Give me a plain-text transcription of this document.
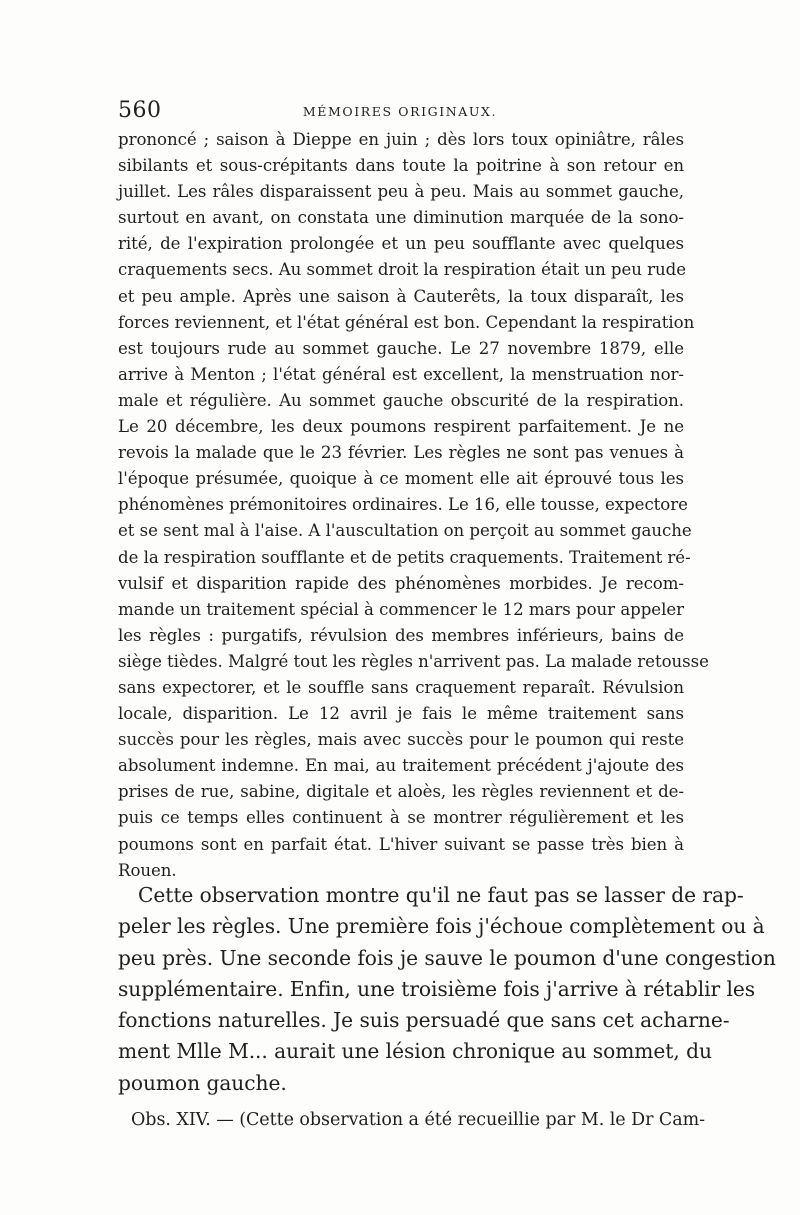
560	MÉMOIRES ORIGINAUX.
prononcé ; saison à Dieppe en juin ; dès lors toux opiniâtre, râles
sibilants et sous-crépitants dans toute la poitrine à son retour en
juillet. Les râles disparaissent peu à peu. Mais au sommet gauche,
surtout en avant, on constata une diminution marquée de la sono-
rité, de l'expiration prolongée et un peu soufflante avec quelques
craquements secs. Au sommet droit la respiration était un peu rude
et peu ample. Après une saison à Cauterêts, la toux disparaît, les
forces reviennent, et l'état général est bon. Cependant la respiration
est toujours rude au sommet gauche. Le 27 novembre 1879, elle
arrive à Menton ; l'état général est excellent, la menstruation nor-
male et régulière. Au sommet gauche obscurité de la respiration.
Le 20 décembre, les deux poumons respirent parfaitement. Je ne
revois la malade que le 23 février. Les règles ne sont pas venues à
l'époque présumée, quoique à ce moment elle ait éprouvé tous les
phénomènes prémonitoires ordinaires. Le 16, elle tousse, expectore
et se sent mal à l'aise. A l'auscultation on perçoit au sommet gauche
de la respiration soufflante et de petits craquements. Traitement ré-
vulsif et disparition rapide des phénomènes morbides. Je recom-
mande un traitement spécial à commencer le 12 mars pour appeler
les règles : purgatifs, révulsion des membres inférieurs, bains de
siège tièdes. Malgré tout les règles n'arrivent pas. La malade retousse
sans expectorer, et le souffle sans craquement reparaît. Révulsion
locale, disparition. Le 12 avril je fais le même traitement sans
succès pour les règles, mais avec succès pour le poumon qui reste
absolument indemne. En mai, au traitement précédent j'ajoute des
prises de rue, sabine, digitale et aloès, les règles reviennent et de-
puis ce temps elles continuent à se montrer régulièrement et les
poumons sont en parfait état. L'hiver suivant se passe très bien à
Rouen.
Cette observation montre qu'il ne faut pas se lasser de rap-
peler les règles. Une première fois j'échoue complètement ou à
peu près. Une seconde fois je sauve le poumon d'une congestion
supplémentaire. Enfin, une troisième fois j'arrive à rétablir les
fonctions naturelles. Je suis persuadé que sans cet acharne-
ment Mlle M... aurait une lésion chronique au sommet, du
poumon gauche.
Obs. XIV. — (Cette observation a été recueillie par M. le Dr Cam-
